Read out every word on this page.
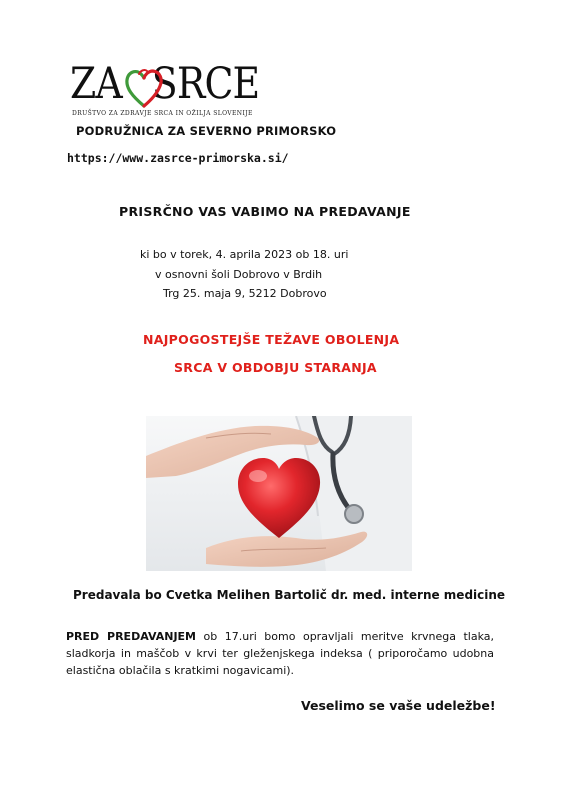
ZA SRCE
DRUŠTVO ZA ZDRAVJE SRCA IN OŽILJA SLOVENIJE
PODRUŽNICA ZA SEVERNO PRIMORSKO
https://www.zasrce-primorska.si/
PRISRČNO VAS VABIMO NA PREDAVANJE
ki bo v torek, 4. aprila 2023 ob 18. uri
v osnovni šoli Dobrovo v Brdih
Trg 25. maja 9, 5212 Dobrovo
NAJPOGOSTEJŠE TEŽAVE OBOLENJA
SRCA V OBDOBJU STARANJA
Predavala bo Cvetka Melihen Bartolič dr. med. interne medicine
PRED PREDAVANJEM ob 17.uri bomo opravljali meritve krvnega tlaka, sladkorja in maščob v krvi ter gleženjskega indeksa ( priporočamo udobna elastična oblačila s kratkimi nogavicami).
Veselimo se vaše udeležbe!
